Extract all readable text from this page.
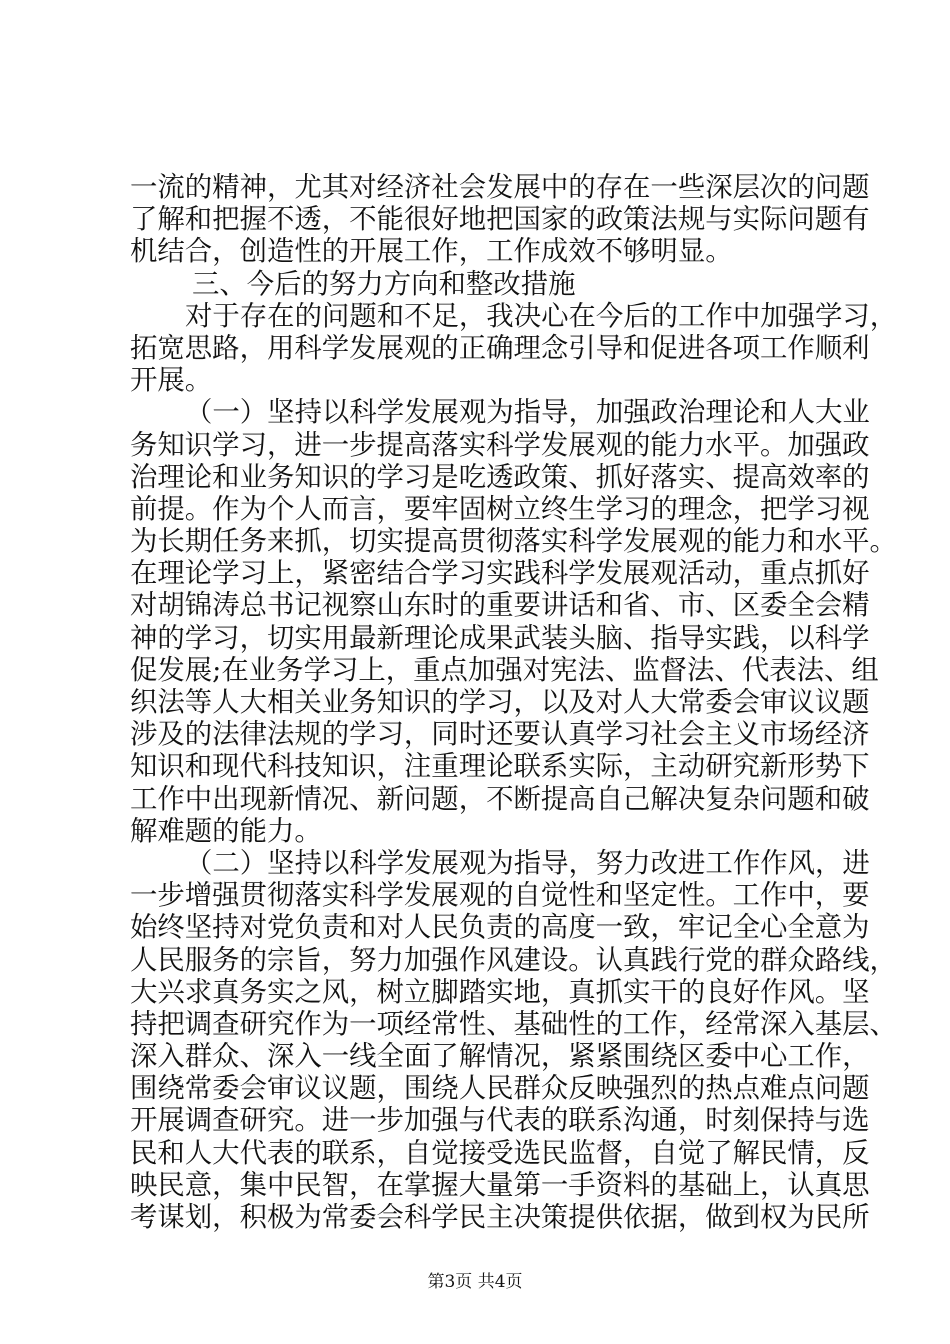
一流的精神，尤其对经济社会发展中的存在一些深层次的问题
了解和把握不透，不能很好地把国家的政策法规与实际问题有
机结合，创造性的开展工作，工作成效不够明显。
三、今后的努力方向和整改措施
对于存在的问题和不足，我决心在今后的工作中加强学习，
拓宽思路，用科学发展观的正确理念引导和促进各项工作顺利
开展。
（一）坚持以科学发展观为指导，加强政治理论和人大业
务知识学习，进一步提高落实科学发展观的能力水平。加强政
治理论和业务知识的学习是吃透政策、抓好落实、提高效率的
前提。作为个人而言，要牢固树立终生学习的理念，把学习视
为长期任务来抓，切实提高贯彻落实科学发展观的能力和水平。
在理论学习上，紧密结合学习实践科学发展观活动，重点抓好
对胡锦涛总书记视察山东时的重要讲话和省、市、区委全会精
神的学习，切实用最新理论成果武装头脑、指导实践，以科学
促发展;在业务学习上，重点加强对宪法、监督法、代表法、组
织法等人大相关业务知识的学习，以及对人大常委会审议议题
涉及的法律法规的学习，同时还要认真学习社会主义市场经济
知识和现代科技知识，注重理论联系实际，主动研究新形势下
工作中出现新情况、新问题，不断提高自己解决复杂问题和破
解难题的能力。
（二）坚持以科学发展观为指导，努力改进工作作风，进
一步增强贯彻落实科学发展观的自觉性和坚定性。工作中，要
始终坚持对党负责和对人民负责的高度一致，牢记全心全意为
人民服务的宗旨，努力加强作风建设。认真践行党的群众路线，
大兴求真务实之风，树立脚踏实地，真抓实干的良好作风。坚
持把调查研究作为一项经常性、基础性的工作，经常深入基层、
深入群众、深入一线全面了解情况，紧紧围绕区委中心工作，
围绕常委会审议议题，围绕人民群众反映强烈的热点难点问题
开展调查研究。进一步加强与代表的联系沟通，时刻保持与选
民和人大代表的联系，自觉接受选民监督，自觉了解民情，反
映民意，集中民智，在掌握大量第一手资料的基础上，认真思
考谋划，积极为常委会科学民主决策提供依据，做到权为民所
第3页 共4页
